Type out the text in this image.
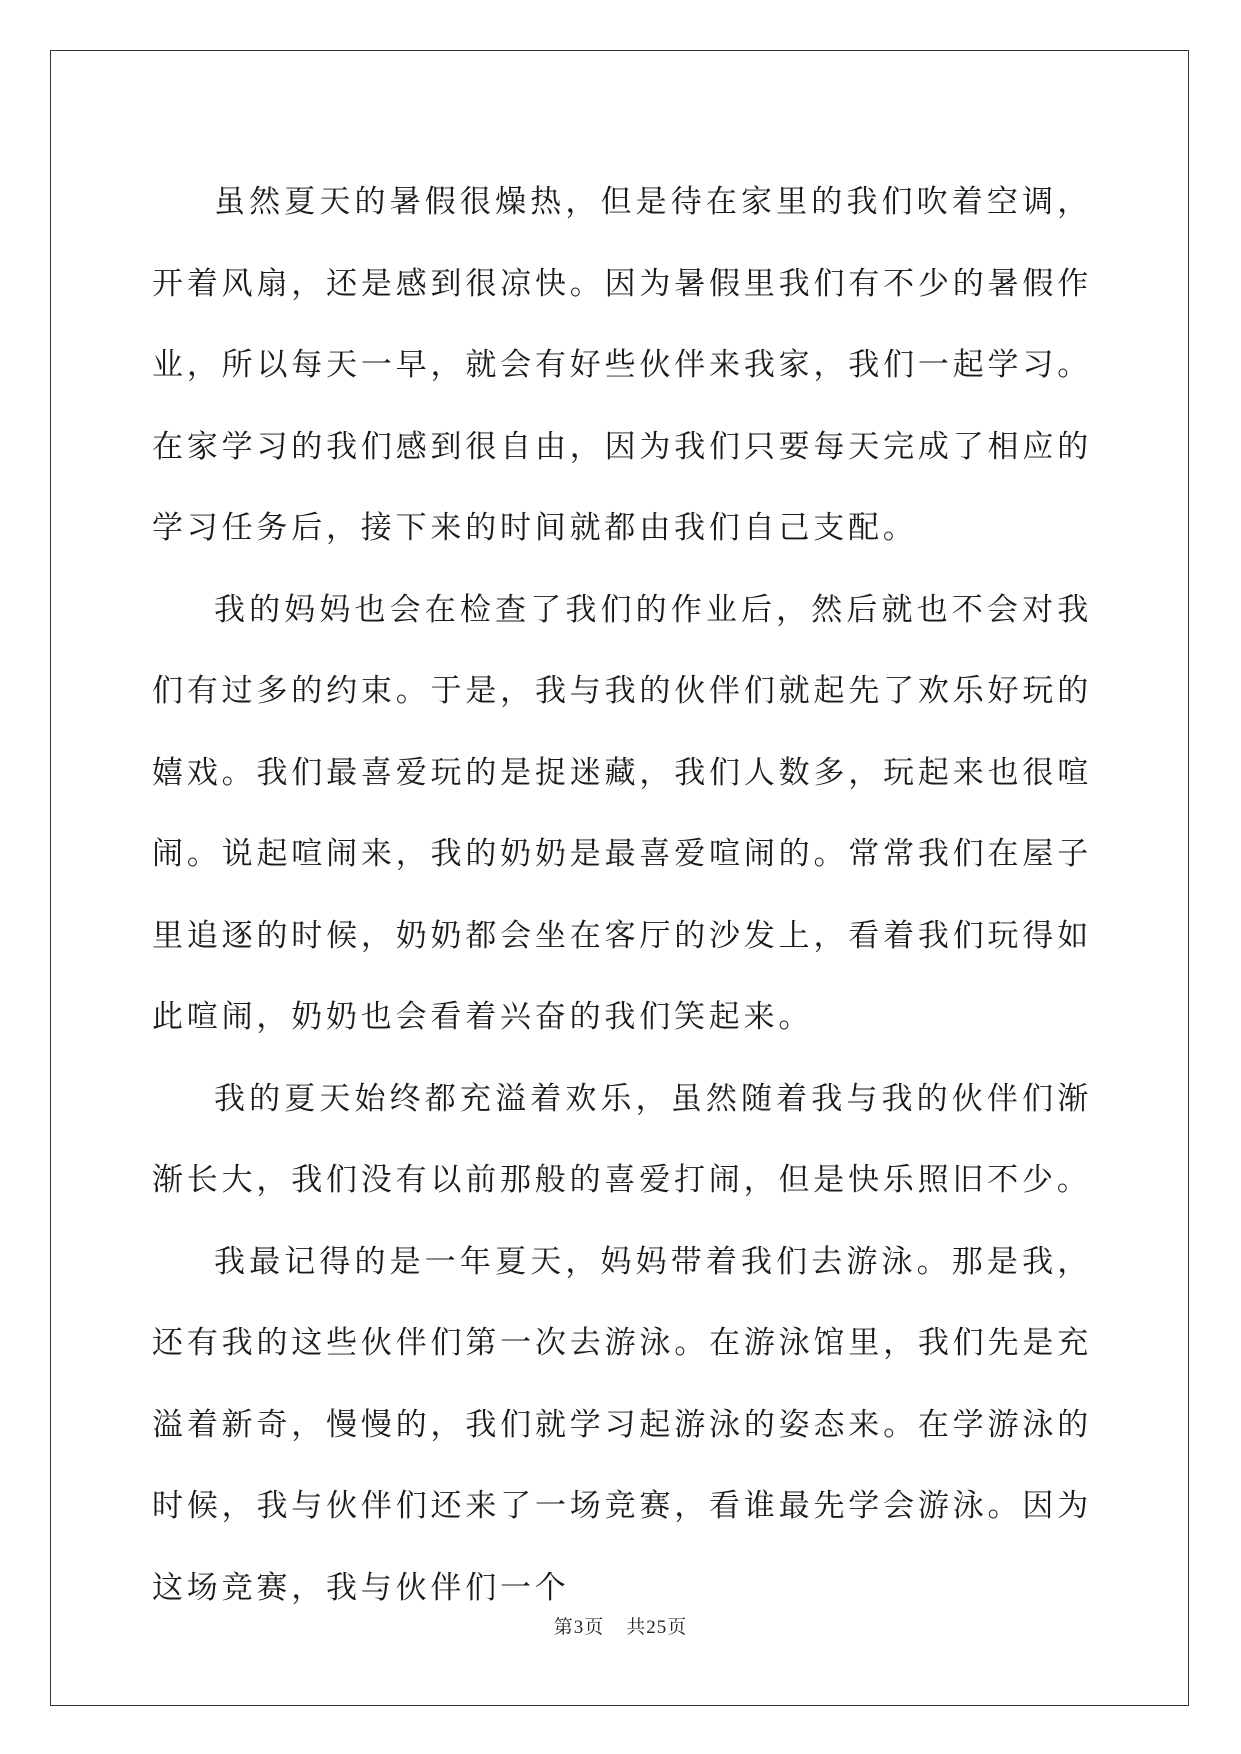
虽然夏天的暑假很燥热，但是待在家里的我们吹着空调，开着风扇，还是感到很凉快。因为暑假里我们有不少的暑假作业，所以每天一早，就会有好些伙伴来我家，我们一起学习。在家学习的我们感到很自由，因为我们只要每天完成了相应的学习任务后，接下来的时间就都由我们自己支配。

我的妈妈也会在检查了我们的作业后，然后就也不会对我们有过多的约束。于是，我与我的伙伴们就起先了欢乐好玩的嬉戏。我们最喜爱玩的是捉迷藏，我们人数多，玩起来也很喧闹。说起喧闹来，我的奶奶是最喜爱喧闹的。常常我们在屋子里追逐的时候，奶奶都会坐在客厅的沙发上，看着我们玩得如此喧闹，奶奶也会看着兴奋的我们笑起来。

我的夏天始终都充溢着欢乐，虽然随着我与我的伙伴们渐渐长大，我们没有以前那般的喜爱打闹，但是快乐照旧不少。

我最记得的是一年夏天，妈妈带着我们去游泳。那是我，还有我的这些伙伴们第一次去游泳。在游泳馆里，我们先是充溢着新奇，慢慢的，我们就学习起游泳的姿态来。在学游泳的时候，我与伙伴们还来了一场竞赛，看谁最先学会游泳。因为这场竞赛，我与伙伴们一个

第3页 共25页
